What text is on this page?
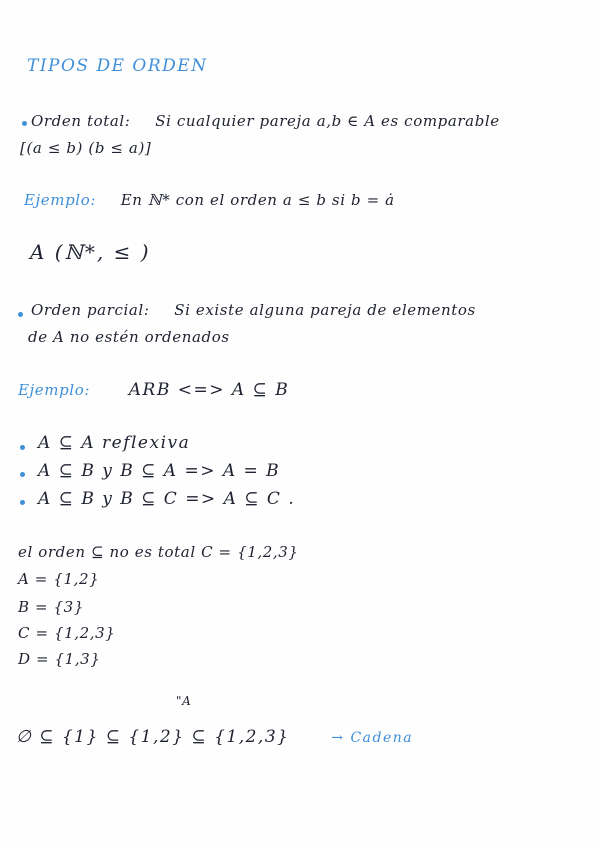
TIPOS DE ORDEN
Orden total: Si cualquier pareja a,b ∈ A es comparable
[(a ≤ b) (b ≤ a)]
Ejemplo: En ℕ* con el orden a ≤ b si b = ȧ
A (ℕ*, ≤ )
Orden parcial: Si existe alguna pareja de elementos
de A no estén ordenados
Ejemplo: ARB <=> A ⊆ B
A ⊆ A reflexiva
A ⊆ B y B ⊆ A => A = B
A ⊆ B y B ⊆ C => A ⊆ C .
el orden ⊆ no es total C = {1,2,3}
A = {1,2}
B = {3}
C = {1,2,3}
D = {1,3}
"A
∅ ⊆ {1} ⊆ {1,2} ⊆ {1,2,3}	→ Cadena
